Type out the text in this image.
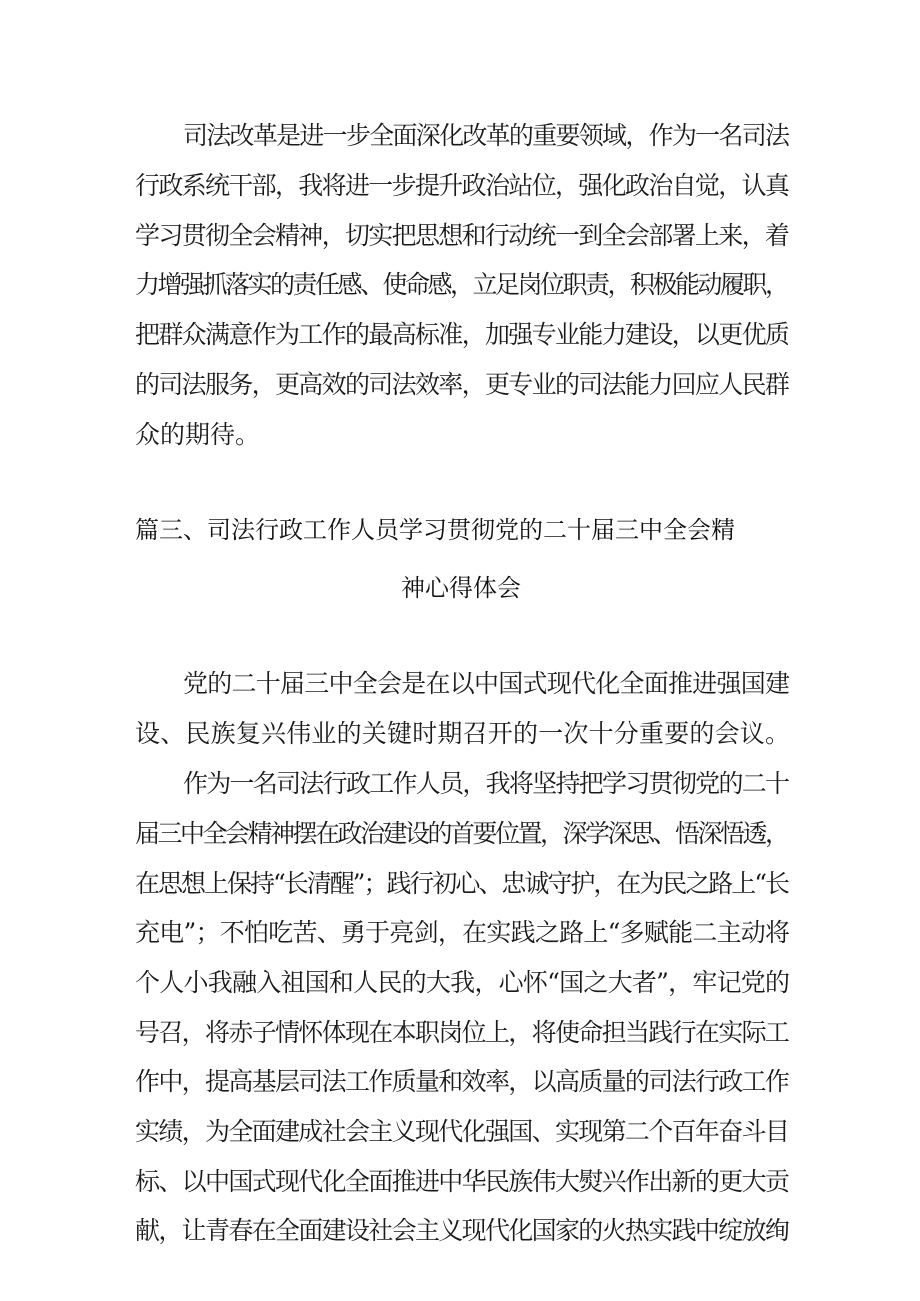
司法改革是进一步全面深化改革的重要领域，作为一名司法

行政系统干部，我将进一步提升政治站位，强化政治自觉，认真

学习贯彻全会精神，切实把思想和行动统一到全会部署上来，着

力增强抓落实的责任感、使命感，立足岗位职责，积极能动履职，

把群众满意作为工作的最高标准，加强专业能力建设，以更优质

的司法服务，更高效的司法效率，更专业的司法能力回应人民群

众的期待。

篇三、司法行政工作人员学习贯彻党的二十届三中全会精

神心得体会

党的二十届三中全会是在以中国式现代化全面推进强国建

设、民族复兴伟业的关键时期召开的一次十分重要的会议。

作为一名司法行政工作人员，我将坚持把学习贯彻党的二十

届三中全会精神摆在政治建设的首要位置，深学深思、悟深悟透，

在思想上保持“长清醒”；践行初心、忠诚守护，在为民之路上“长

充电”；不怕吃苦、勇于亮剑，在实践之路上“多赋能二主动将

个人小我融入祖国和人民的大我，心怀“国之大者”，牢记党的

号召，将赤子情怀体现在本职岗位上，将使命担当践行在实际工

作中，提高基层司法工作质量和效率，以高质量的司法行政工作

实绩，为全面建成社会主义现代化强国、实现第二个百年奋斗目

标、以中国式现代化全面推进中华民族伟大熨兴作出新的更大贡

献，让青春在全面建设社会主义现代化国家的火热实践中绽放绚
